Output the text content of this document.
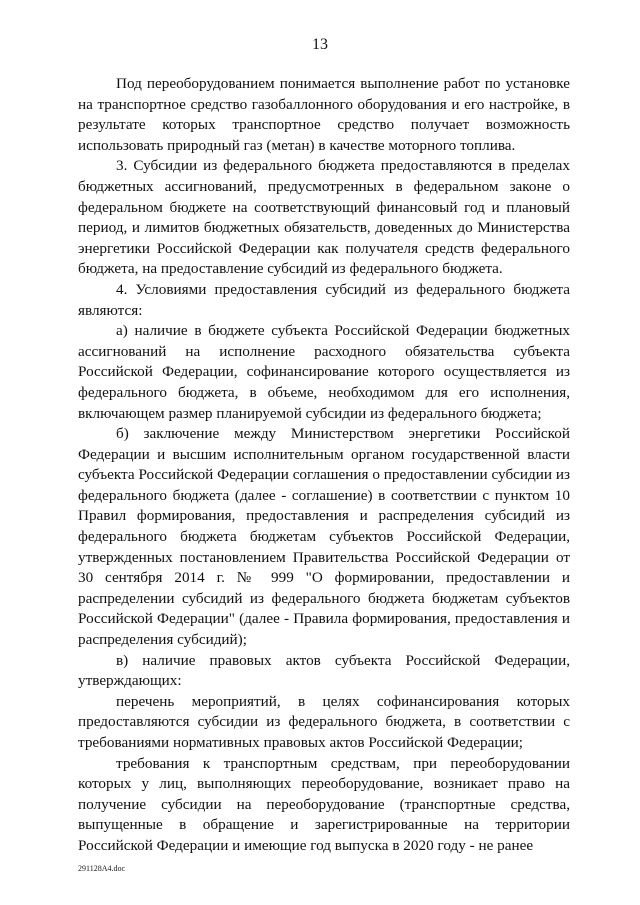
13

Под переоборудованием понимается выполнение работ по установке на транспортное средство газобаллонного оборудования и его настройке, в результате которых транспортное средство получает возможность использовать природный газ (метан) в качестве моторного топлива.

3. Субсидии из федерального бюджета предоставляются в пределах бюджетных ассигнований, предусмотренных в федеральном законе о федеральном бюджете на соответствующий финансовый год и плановый период, и лимитов бюджетных обязательств, доведенных до Министерства энергетики Российской Федерации как получателя средств федерального бюджета, на предоставление субсидий из федерального бюджета.

4. Условиями предоставления субсидий из федерального бюджета являются:

а) наличие в бюджете субъекта Российской Федерации бюджетных ассигнований на исполнение расходного обязательства субъекта Российской Федерации, софинансирование которого осуществляется из федерального бюджета, в объеме, необходимом для его исполнения, включающем размер планируемой субсидии из федерального бюджета;

б) заключение между Министерством энергетики Российской Федерации и высшим исполнительным органом государственной власти субъекта Российской Федерации соглашения о предоставлении субсидии из федерального бюджета (далее - соглашение) в соответствии с пунктом 10 Правил формирования, предоставления и распределения субсидий из федерального бюджета бюджетам субъектов Российской Федерации, утвержденных постановлением Правительства Российской Федерации от 30 сентября 2014 г. № 999 "О формировании, предоставлении и распределении субсидий из федерального бюджета бюджетам субъектов Российской Федерации" (далее - Правила формирования, предоставления и распределения субсидий);

в) наличие правовых актов субъекта Российской Федерации, утверждающих:

перечень мероприятий, в целях софинансирования которых предоставляются субсидии из федерального бюджета, в соответствии с требованиями нормативных правовых актов Российской Федерации;

требования к транспортным средствам, при переоборудовании которых у лиц, выполняющих переоборудование, возникает право на получение субсидии на переоборудование (транспортные средства, выпущенные в обращение и зарегистрированные на территории Российской Федерации и имеющие год выпуска в 2020 году - не ранее

291128A4.doc
